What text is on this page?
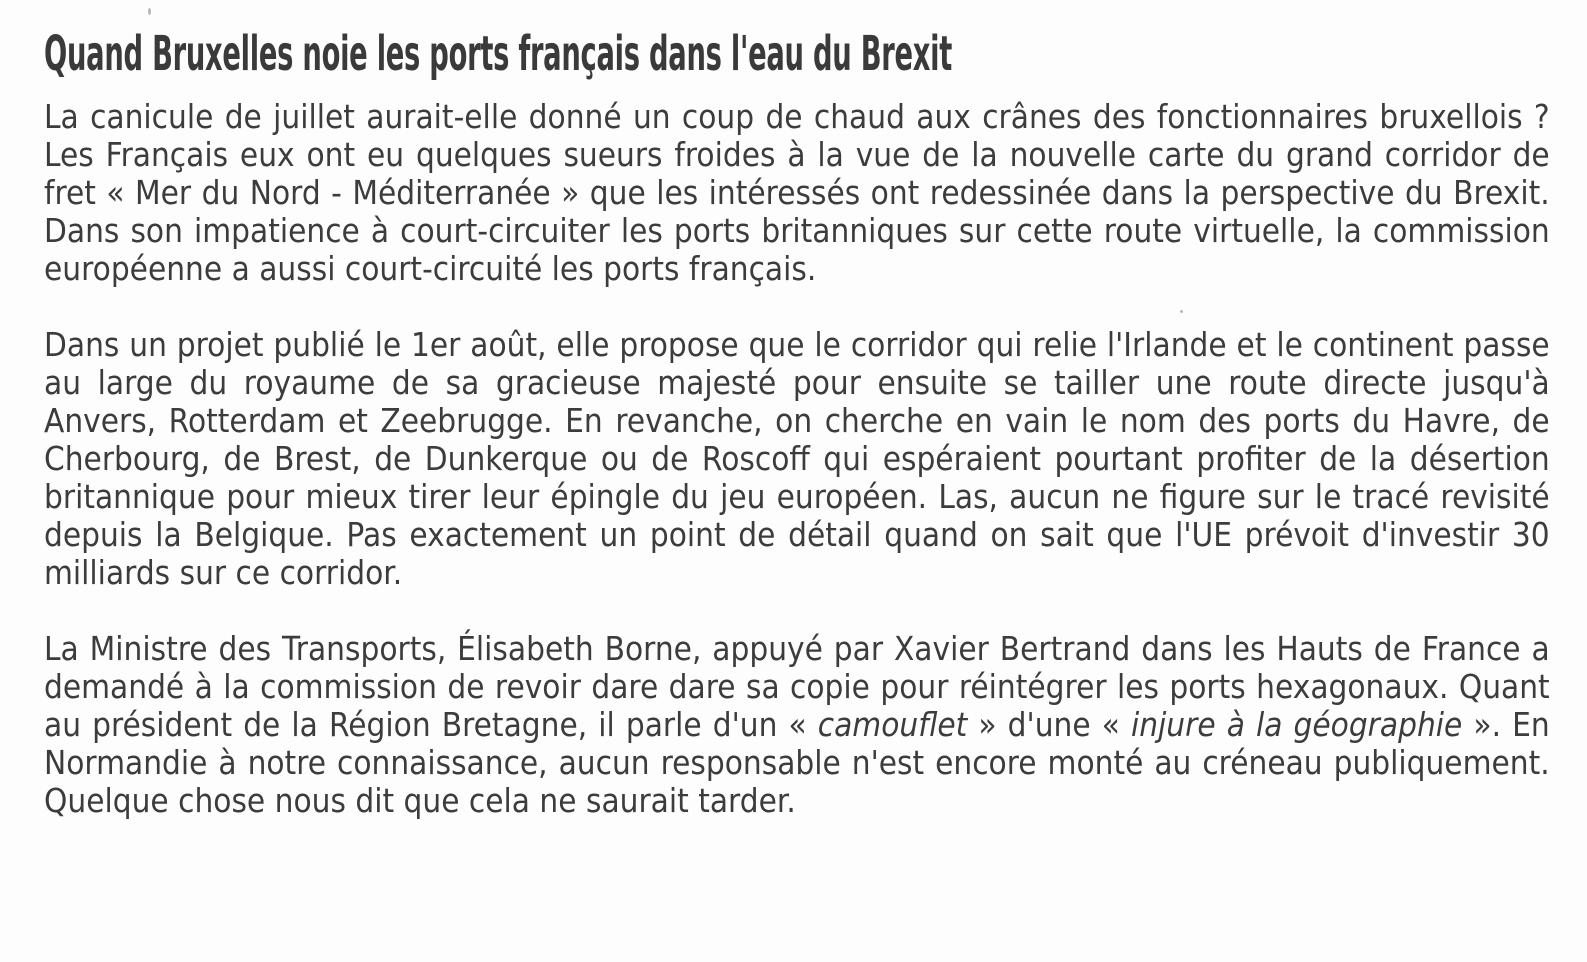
Quand Bruxelles noie les ports français dans l'eau du Brexit

La canicule de juillet aurait-elle donné un coup de chaud aux crânes des fonctionnaires bruxellois ? Les Français eux ont eu quelques sueurs froides à la vue de la nouvelle carte du grand corridor de fret « Mer du Nord - Méditerranée » que les intéressés ont redessinée dans la perspective du Brexit. Dans son impatience à court-circuiter les ports britanniques sur cette route virtuelle, la commission européenne a aussi court-circuité les ports français.

Dans un projet publié le 1er août, elle propose que le corridor qui relie l'Irlande et le continent passe au large du royaume de sa gracieuse majesté pour ensuite se tailler une route directe jusqu'à Anvers, Rotterdam et Zeebrugge. En revanche, on cherche en vain le nom des ports du Havre, de Cherbourg, de Brest, de Dunkerque ou de Roscoff qui espéraient pourtant profiter de la désertion britannique pour mieux tirer leur épingle du jeu européen. Las, aucun ne figure sur le tracé revisité depuis la Belgique. Pas exactement un point de détail quand on sait que l'UE prévoit d'investir 30 milliards sur ce corridor.

La Ministre des Transports, Élisabeth Borne, appuyé par Xavier Bertrand dans les Hauts de France a demandé à la commission de revoir dare dare sa copie pour réintégrer les ports hexagonaux. Quant au président de la Région Bretagne, il parle d'un « camouflet » d'une « injure à la géographie ». En Normandie à notre connaissance, aucun responsable n'est encore monté au créneau publiquement. Quelque chose nous dit que cela ne saurait tarder.
